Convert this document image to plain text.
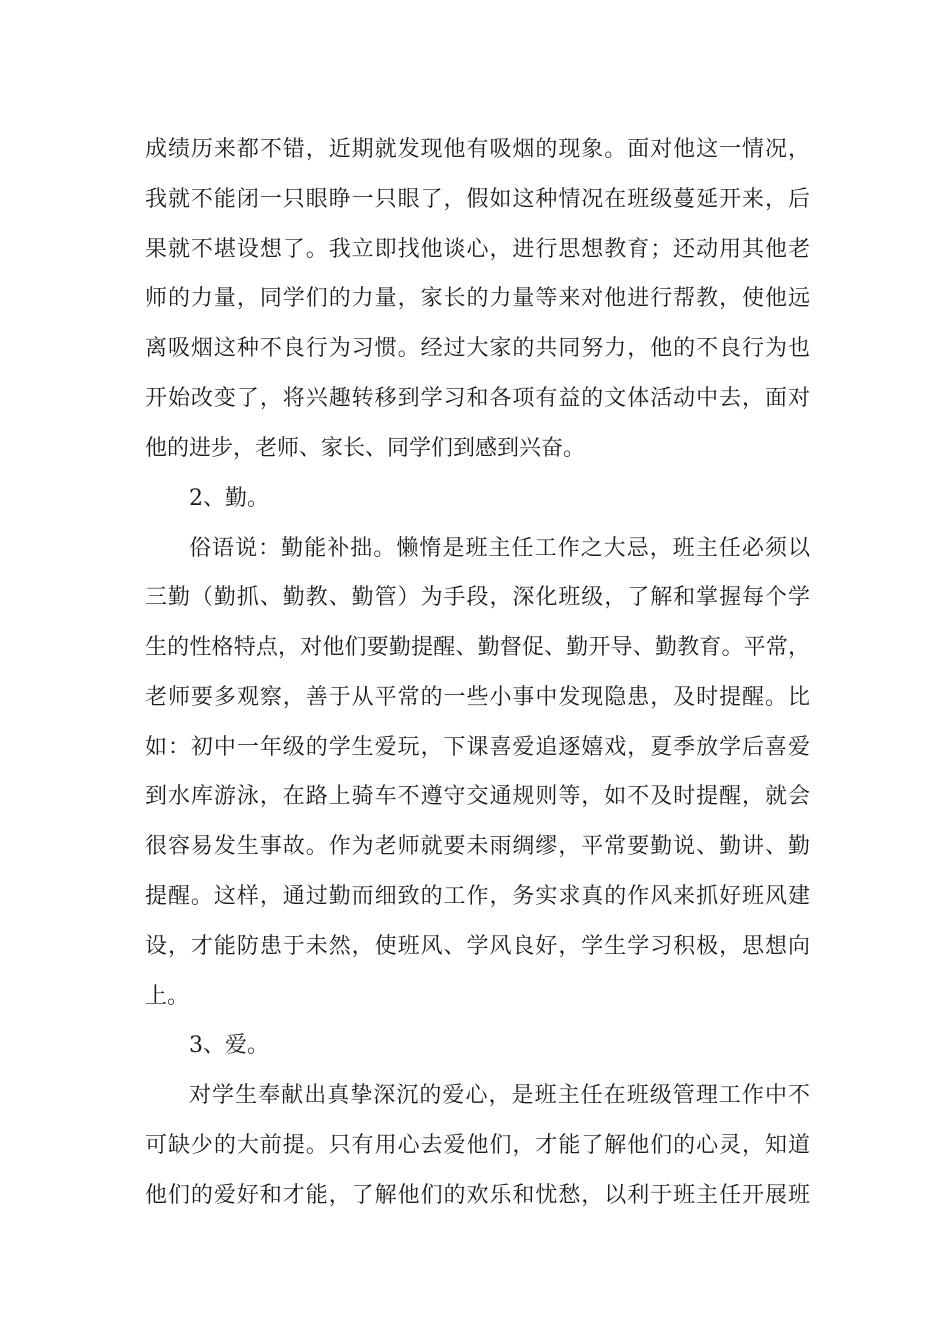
成绩历来都不错，近期就发现他有吸烟的现象。面对他这一情况，
我就不能闭一只眼睁一只眼了，假如这种情况在班级蔓延开来，后
果就不堪设想了。我立即找他谈心，进行思想教育；还动用其他老
师的力量，同学们的力量，家长的力量等来对他进行帮教，使他远
离吸烟这种不良行为习惯。经过大家的共同努力，他的不良行为也
开始改变了，将兴趣转移到学习和各项有益的文体活动中去，面对
他的进步，老师、家长、同学们到感到兴奋。
2、勤。
俗语说：勤能补拙。懒惰是班主任工作之大忌，班主任必须以
三勤（勤抓、勤教、勤管）为手段，深化班级，了解和掌握每个学
生的性格特点，对他们要勤提醒、勤督促、勤开导、勤教育。平常，
老师要多观察，善于从平常的一些小事中发现隐患，及时提醒。比
如：初中一年级的学生爱玩，下课喜爱追逐嬉戏，夏季放学后喜爱
到水库游泳，在路上骑车不遵守交通规则等，如不及时提醒，就会
很容易发生事故。作为老师就要未雨绸缪，平常要勤说、勤讲、勤
提醒。这样，通过勤而细致的工作，务实求真的作风来抓好班风建
设，才能防患于未然，使班风、学风良好，学生学习积极，思想向
上。
3、爱。
对学生奉献出真挚深沉的爱心，是班主任在班级管理工作中不
可缺少的大前提。只有用心去爱他们，才能了解他们的心灵，知道
他们的爱好和才能，了解他们的欢乐和忧愁，以利于班主任开展班
